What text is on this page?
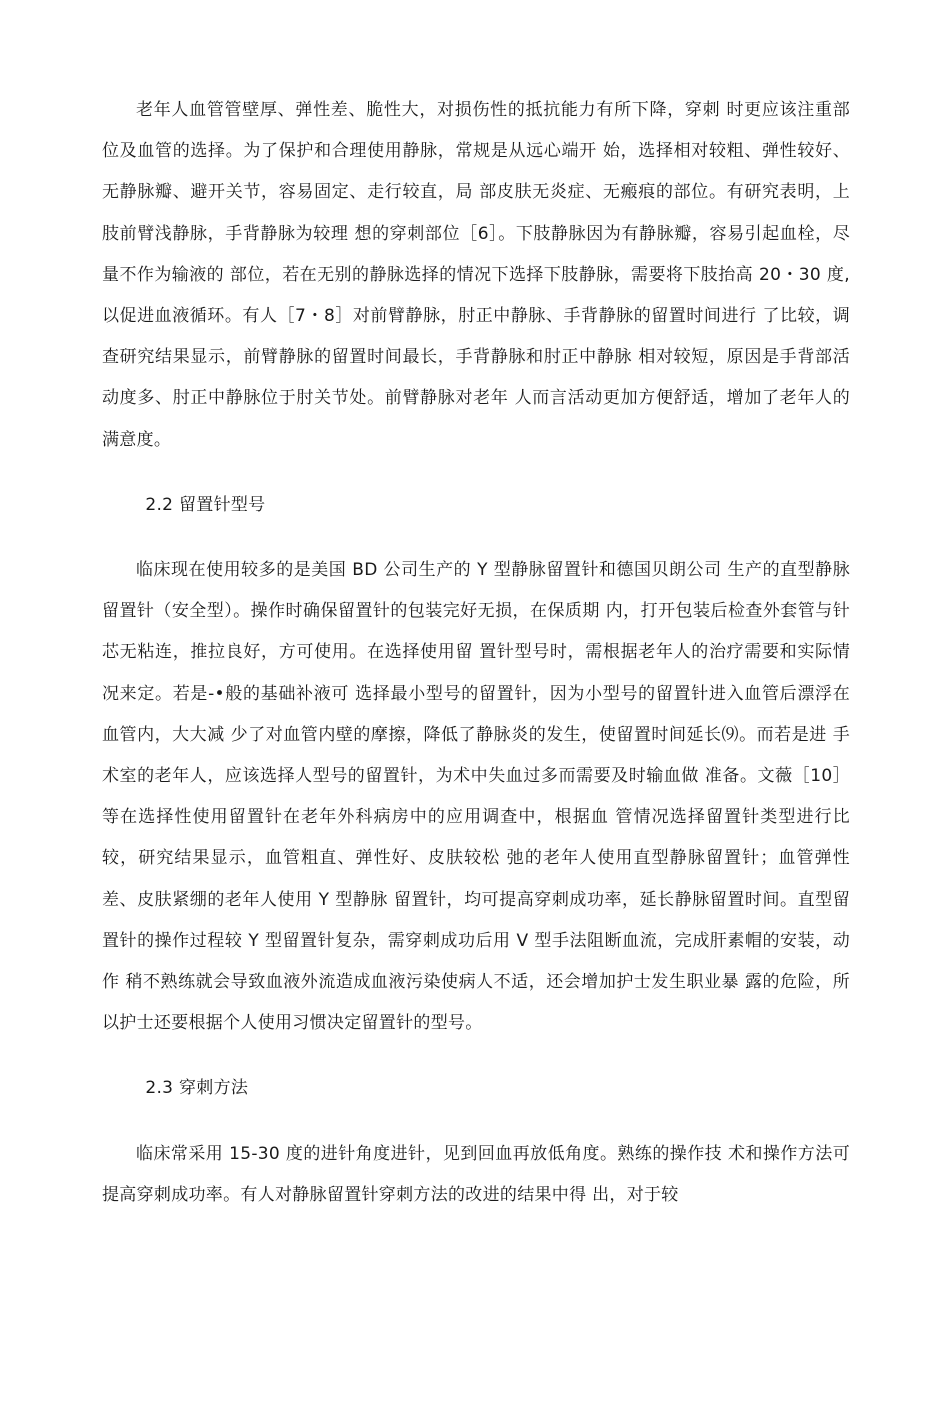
老年人血管管壁厚、弹性差、脆性大，对损伤性的抵抗能力有所下降，穿刺 时更应该注重部位及血管的选择。为了保护和合理使用静脉，常规是从远心端开 始，选择相对较粗、弹性较好、无静脉瓣、避开关节，容易固定、走行较直，局 部皮肤无炎症、无瘢痕的部位。有研究表明，上肢前臂浅静脉，手背静脉为较理 想的穿刺部位［6］。下肢静脉因为有静脉瓣，容易引起血栓，尽量不作为输液的 部位，若在无别的静脉选择的情况下选择下肢静脉，需要将下肢抬高 20・30 度, 以促进血液循环。有人［7・8］对前臂静脉，肘正中静脉、手背静脉的留置时间进行 了比较，调查研究结果显示，前臂静脉的留置时间最长，手背静脉和肘正中静脉 相对较短，原因是手背部活动度多、肘正中静脉位于肘关节处。前臂静脉对老年 人而言活动更加方便舒适，增加了老年人的满意度。

2.2 留置针型号

临床现在使用较多的是美国 BD 公司生产的 Y 型静脉留置针和德国贝朗公司 生产的直型静脉留置针（安全型）。操作时确保留置针的包装完好无损，在保质期 内，打开包装后检查外套管与针芯无粘连，推拉良好，方可使用。在选择使用留 置针型号时，需根据老年人的治疗需要和实际情况来定。若是-•般的基础补液可 选择最小型号的留置针，因为小型号的留置针进入血管后漂浮在血管内，大大减 少了对血管内壁的摩擦，降低了静脉炎的发生，使留置时间延长⑼。而若是进 手术室的老年人，应该选择人型号的留置针，为术中失血过多而需要及时输血做 准备。文薇［10］等在选择性使用留置针在老年外科病房中的应用调查中，根据血 管情况选择留置针类型进行比较，研究结果显示，血管粗直、弹性好、皮肤较松 弛的老年人使用直型静脉留置针；血管弹性差、皮肤紧绷的老年人使用 Y 型静脉 留置针，均可提高穿刺成功率，延长静脉留置时间。直型留置针的操作过程较 Y 型留置针复杂，需穿刺成功后用 V 型手法阻断血流，完成肝素帽的安装，动作 稍不熟练就会导致血液外流造成血液污染使病人不适，还会增加护士发生职业暴 露的危险，所以护士还要根据个人使用习惯决定留置针的型号。

2.3 穿刺方法

临床常采用 15-30 度的进针角度进针，见到回血再放低角度。熟练的操作技 术和操作方法可提高穿刺成功率。有人对静脉留置针穿刺方法的改进的结果中得 出，对于较
